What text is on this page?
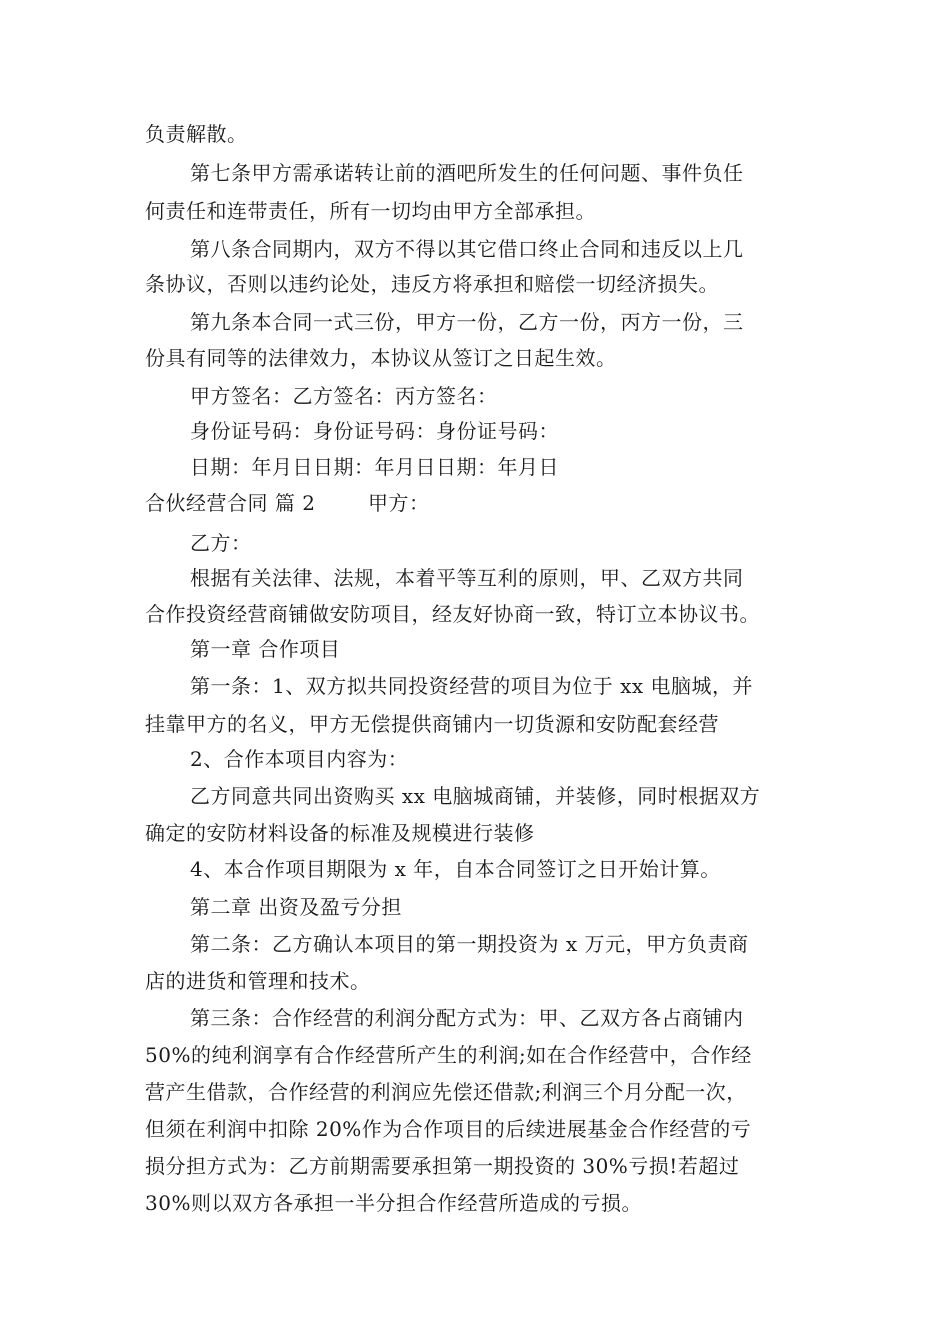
负责解散。
第七条甲方需承诺转让前的酒吧所发生的任何问题、事件负任
何责任和连带责任，所有一切均由甲方全部承担。
第八条合同期内，双方不得以其它借口终止合同和违反以上几
条协议，否则以违约论处，违反方将承担和赔偿一切经济损失。
第九条本合同一式三份，甲方一份，乙方一份，丙方一份，三
份具有同等的法律效力，本协议从签订之日起生效。
甲方签名：乙方签名：丙方签名：
身份证号码：身份证号码：身份证号码：
日期：年月日日期：年月日日期：年月日
合伙经营合同 篇 2	甲方：
乙方：
根据有关法律、法规，本着平等互利的原则，甲、乙双方共同
合作投资经营商铺做安防项目，经友好协商一致，特订立本协议书。
第一章 合作项目
第一条：1、双方拟共同投资经营的项目为位于 xx 电脑城，并
挂靠甲方的名义，甲方无偿提供商铺内一切货源和安防配套经营
2、合作本项目内容为：
乙方同意共同出资购买 xx 电脑城商铺，并装修，同时根据双方
确定的安防材料设备的标准及规模进行装修
4、本合作项目期限为 x 年，自本合同签订之日开始计算。
第二章 出资及盈亏分担
第二条：乙方确认本项目的第一期投资为 x 万元，甲方负责商
店的进货和管理和技术。
第三条：合作经营的利润分配方式为：甲、乙双方各占商铺内
50%的纯利润享有合作经营所产生的利润;如在合作经营中，合作经
营产生借款，合作经营的利润应先偿还借款;利润三个月分配一次，
但须在利润中扣除 20%作为合作项目的后续进展基金合作经营的亏
损分担方式为：乙方前期需要承担第一期投资的 30%亏损!若超过
30%则以双方各承担一半分担合作经营所造成的亏损。
